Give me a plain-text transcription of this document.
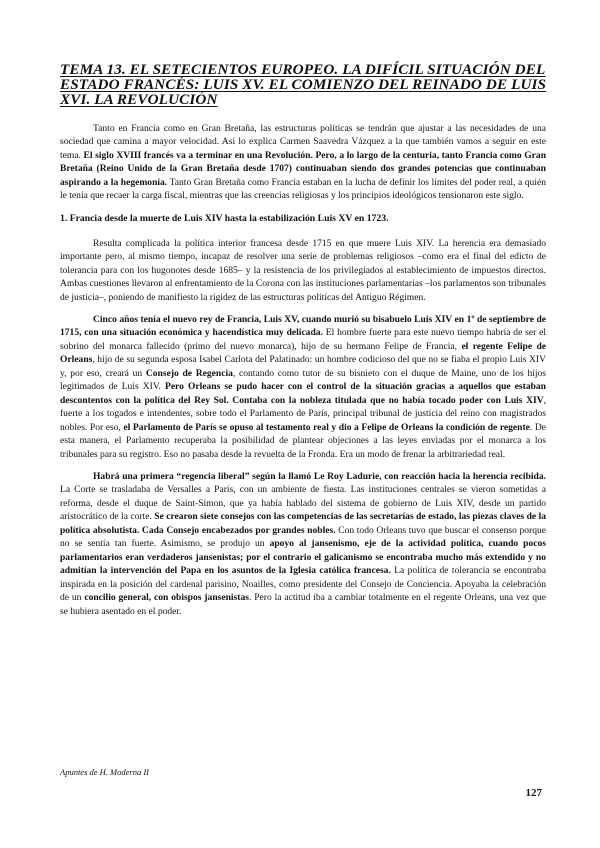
TEMA 13. EL SETECIENTOS EUROPEO. LA DIFÍCIL SITUACIÓN DEL ESTADO FRANCÉS: LUIS XV. EL COMIENZO DEL REINADO DE LUIS XVI. LA REVOLUCIÓN

Tanto en Francia como en Gran Bretaña, las estructuras políticas se tendrán que ajustar a las necesidades de una sociedad que camina a mayor velocidad. Así lo explica Carmen Saavedra Vázquez a la que también vamos a seguir en este tema. El siglo XVIII francés va a terminar en una Revolución. Pero, a lo largo de la centuria, tanto Francia como Gran Bretaña (Reino Unido de la Gran Bretaña desde 1707) continuaban siendo dos grandes potencias que continuaban aspirando a la hegemonía. Tanto Gran Bretaña como Francia estaban en la lucha de definir los límites del poder real, a quién le tenía que recaer la carga fiscal, mientras que las creencias religiosas y los principios ideológicos tensionaron este siglo.

1. Francia desde la muerte de Luis XIV hasta la estabilización Luis XV en 1723.

Resulta complicada la política interior francesa desde 1715 en que muere Luis XIV. La herencia era demasiado importante pero, al mismo tiempo, incapaz de resolver una serie de problemas religiosos –como era el final del edicto de tolerancia para con los hugonotes desde 1685– y la resistencia de los privilegiados al establecimiento de impuestos directos. Ambas cuestiones llevaron al enfrentamiento de la Corona con las instituciones parlamentarias –los parlamentos son tribunales de justicia–, poniendo de manifiesto la rigidez de las estructuras políticas del Antiguo Régimen.

Cinco años tenía el nuevo rey de Francia, Luis XV, cuando murió su bisabuelo Luis XIV en 1º de septiembre de 1715, con una situación económica y hacendística muy delicada. El hombre fuerte para este nuevo tiempo habría de ser el sobrino del monarca fallecido (primo del nuevo monarca), hijo de su hermano Felipe de Francia, el regente Felipe de Orleans, hijo de su segunda esposa Isabel Carlota del Palatinado: un hombre codicioso del que no se fiaba el propio Luis XIV y, por eso, creará un Consejo de Regencia, contando como tutor de su bisnieto con el duque de Maine, uno de los hijos legitimados de Luis XIV. Pero Orleans se pudo hacer con el control de la situación gracias a aquellos que estaban descontentos con la política del Rey Sol. Contaba con la nobleza titulada que no había tocado poder con Luis XIV, fuerte a los togados e intendentes, sobre todo el Parlamento de París, principal tribunal de justicia del reino con magistrados nobles. Por eso, el Parlamento de París se opuso al testamento real y dio a Felipe de Orleans la condición de regente. De esta manera, el Parlamento recuperaba la posibilidad de plantear objeciones a las leyes enviadas por el monarca a los tribunales para su registro. Eso no pasaba desde la revuelta de la Fronda. Era un modo de frenar la arbitrariedad real.

Habrá una primera “regencia liberal” según la llamó Le Roy Ladurie, con reacción hacia la herencia recibida. La Corte se trasladaba de Versalles a París, con un ambiente de fiesta. Las instituciones centrales se vieron sometidas a reforma, desde el duque de Saint-Simon, que ya había hablado del sistema de gobierno de Luis XIV, desde un partido aristocrático de la corte. Se crearon siete consejos con las competencias de las secretarías de estado, las piezas claves de la política absolutista. Cada Consejo encabezados por grandes nobles. Con todo Orleans tuvo que buscar el consenso porque no se sentía tan fuerte. Asimismo, se produjo un apoyo al jansenismo, eje de la actividad política, cuando pocos parlamentarios eran verdaderos jansenistas; por el contrario el galicanismo se encontraba mucho más extendido y no admitían la intervención del Papa en los asuntos de la Iglesia católica francesa. La política de tolerancia se encontraba inspirada en la posición del cardenal parisino, Noailles, como presidente del Consejo de Conciencia. Apoyaba la celebración de un concilio general, con obispos jansenistas. Pero la actitud iba a cambiar totalmente en el regente Orleans, una vez que se hubiera asentado en el poder.

Apuntes de H. Moderna II
127
